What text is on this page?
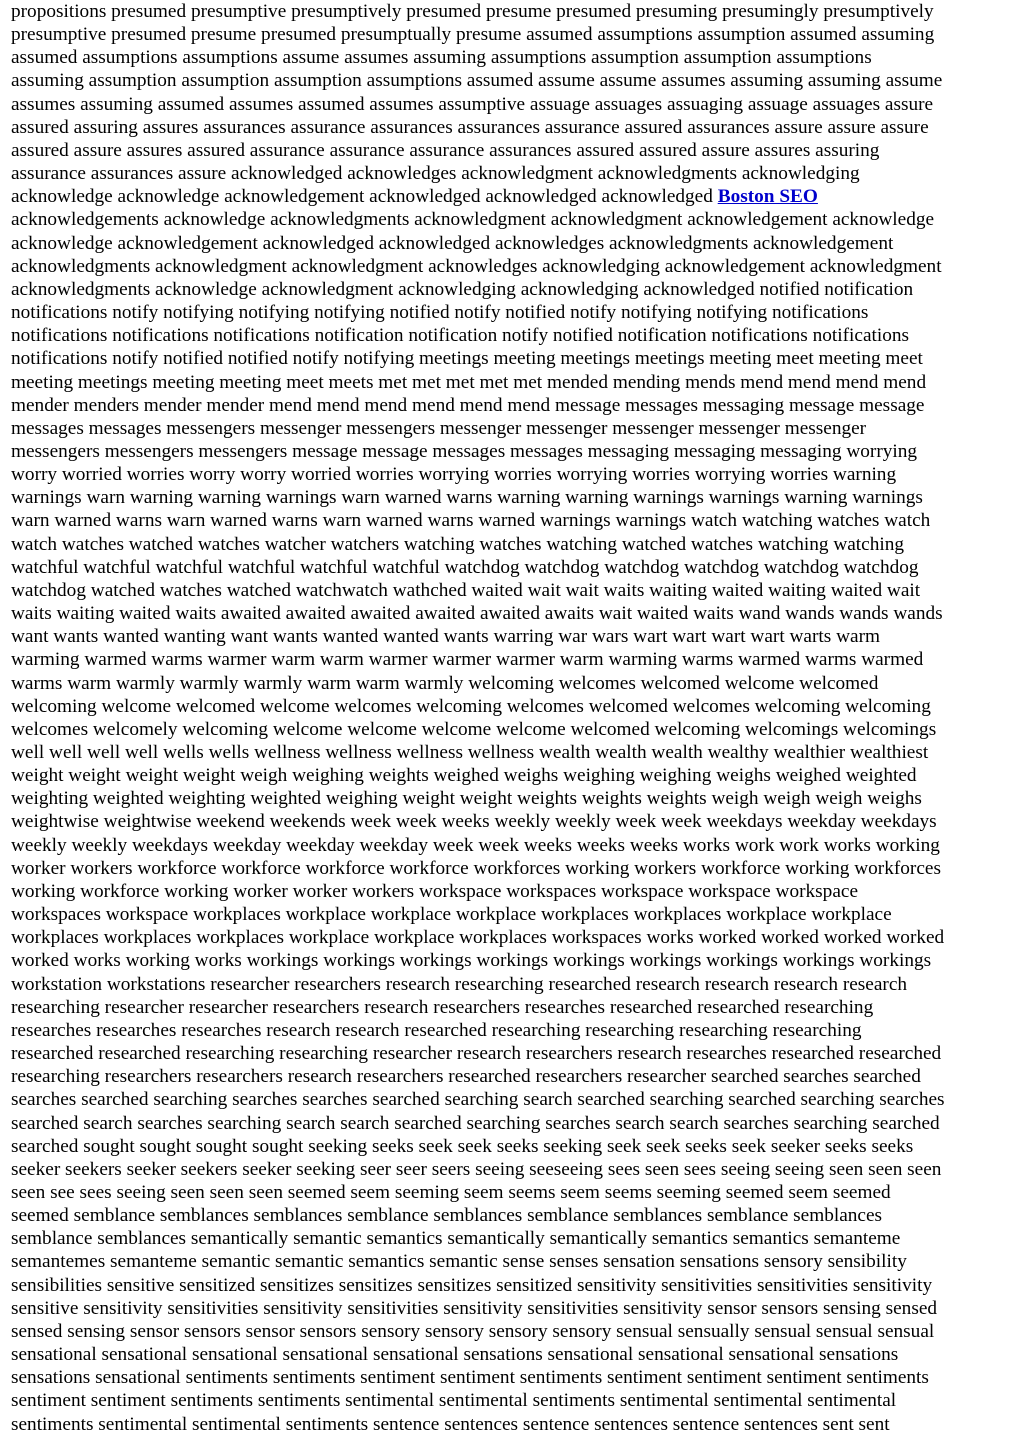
propositions presumed presumptive presumptively presumed presume presumed presuming presumingly presumptively
presumptive presumed presume presumed presumptually presume assumed assumptions assumption assumed assuming
assumed assumptions assumptions assume assumes assuming assumptions assumption assumption assumptions
assuming assumption assumption assumption assumptions assumed assume assume assumes assuming assuming assume
assumes assuming assumed assumes assumed assumes assumptive assuage assuages assuaging assuage assuages assure
assured assuring assures assurances assurance assurances assurances assurance assured assurances assure assure assure
assured assure assures assured assurance assurance assurance assurances assured assured assure assures assuring
assurance assurances assure acknowledged acknowledges acknowledgment acknowledgments acknowledging
acknowledge acknowledge acknowledgement acknowledged acknowledged acknowledged Boston SEO
acknowledgements acknowledge acknowledgments acknowledgment acknowledgment acknowledgement acknowledge
acknowledge acknowledgement acknowledged acknowledged acknowledges acknowledgments acknowledgement
acknowledgments acknowledgment acknowledgment acknowledges acknowledging acknowledgement acknowledgment
acknowledgments acknowledge acknowledgment acknowledging acknowledging acknowledged notified notification
notifications notify notifying notifying notifying notified notify notified notify notifying notifying notifications
notifications notifications notifications notification notification notify notified notification notifications notifications
notifications notify notified notified notify notifying meetings meeting meetings meetings meeting meet meeting meet
meeting meetings meeting meeting meet meets met met met met met mended mending mends mend mend mend mend
mender menders mender mender mend mend mend mend mend mend message messages messaging message message
messages messages messengers messenger messengers messenger messenger messenger messenger messenger
messengers messengers messengers message message messages messages messaging messaging messaging worrying
worry worried worries worry worry worried worries worrying worries worrying worries worrying worries warning
warnings warn warning warning warnings warn warned warns warning warning warnings warnings warning warnings
warn warned warns warn warned warns warn warned warns warned warnings warnings watch watching watches watch
watch watches watched watches watcher watchers watching watches watching watched watches watching watching
watchful watchful watchful watchful watchful watchful watchdog watchdog watchdog watchdog watchdog watchdog
watchdog watched watches watched watchwatch wathched waited wait wait waits waiting waited waiting waited wait
waits waiting waited waits awaited awaited awaited awaited awaited awaits wait waited waits wand wands wands wands
want wants wanted wanting want wants wanted wanted wants warring war wars wart wart wart wart warts warm
warming warmed warms warmer warm warm warmer warmer warmer warm warming warms warmed warms warmed
warms warm warmly warmly warmly warm warm warmly welcoming welcomes welcomed welcome welcomed
welcoming welcome welcomed welcome welcomes welcoming welcomes welcomed welcomes welcoming welcoming
welcomes welcomely welcoming welcome welcome welcome welcome welcomed welcoming welcomings welcomings
well well well well wells wells wellness wellness wellness wellness wealth wealth wealth wealthy wealthier wealthiest
weight weight weight weight weigh weighing weights weighed weighs weighing weighing weighs weighed weighted
weighting weighted weighting weighted weighing weight weight weights weights weights weigh weigh weigh weighs
weightwise weightwise weekend weekends week week weeks weekly weekly week week weekdays weekday weekdays
weekly weekly weekdays weekday weekday weekday week week weeks weeks weeks works work work works working
worker workers workforce workforce workforce workforce workforces working workers workforce working workforces
working workforce working worker worker workers workspace workspaces workspace workspace workspace
workspaces workspace workplaces workplace workplace workplace workplaces workplaces workplace workplace
workplaces workplaces workplaces workplace workplace workplaces workspaces works worked worked worked worked
worked works working works workings workings workings workings workings workings workings workings workings
workstation workstations researcher researchers research researching researched research research research research
researching researcher researcher researchers research researchers researches researched researched researching
researches researches researches research research researched researching researching researching researching
researched researched researching researching researcher research researchers research researches researched researched
researching researchers researchers research researchers researched researchers researcher searched searches searched
searches searched searching searches searches searched searching search searched searching searched searching searches
searched search searches searching search search searched searching searches search search searches searching searched
searched sought sought sought sought seeking seeks seek seek seeks seeking seek seek seeks seek seeker seeks seeks
seeker seekers seeker seekers seeker seeking seer seer seers seeing seeseeing sees seen sees seeing seeing seen seen seen
seen see sees seeing seen seen seen seemed seem seeming seem seems seem seems seeming seemed seem seemed
seemed semblance semblances semblances semblance semblances semblance semblances semblance semblances
semblance semblances semantically semantic semantics semantically semantically semantics semantics semanteme
semantemes semanteme semantic semantic semantics semantic sense senses sensation sensations sensory sensibility
sensibilities sensitive sensitized sensitizes sensitizes sensitizes sensitized sensitivity sensitivities sensitivities sensitivity
sensitive sensitivity sensitivities sensitivity sensitivities sensitivity sensitivities sensitivity sensor sensors sensing sensed
sensed sensing sensor sensors sensor sensors sensory sensory sensory sensory sensual sensually sensual sensual sensual
sensational sensational sensational sensational sensational sensations sensational sensational sensational sensations
sensations sensational sentiments sentiments sentiment sentiment sentiments sentiment sentiment sentiment sentiments
sentiment sentiment sentiments sentiments sentimental sentimental sentiments sentimental sentimental sentimental
sentiments sentimental sentimental sentiments sentence sentences sentence sentences sentence sentences sent sent
